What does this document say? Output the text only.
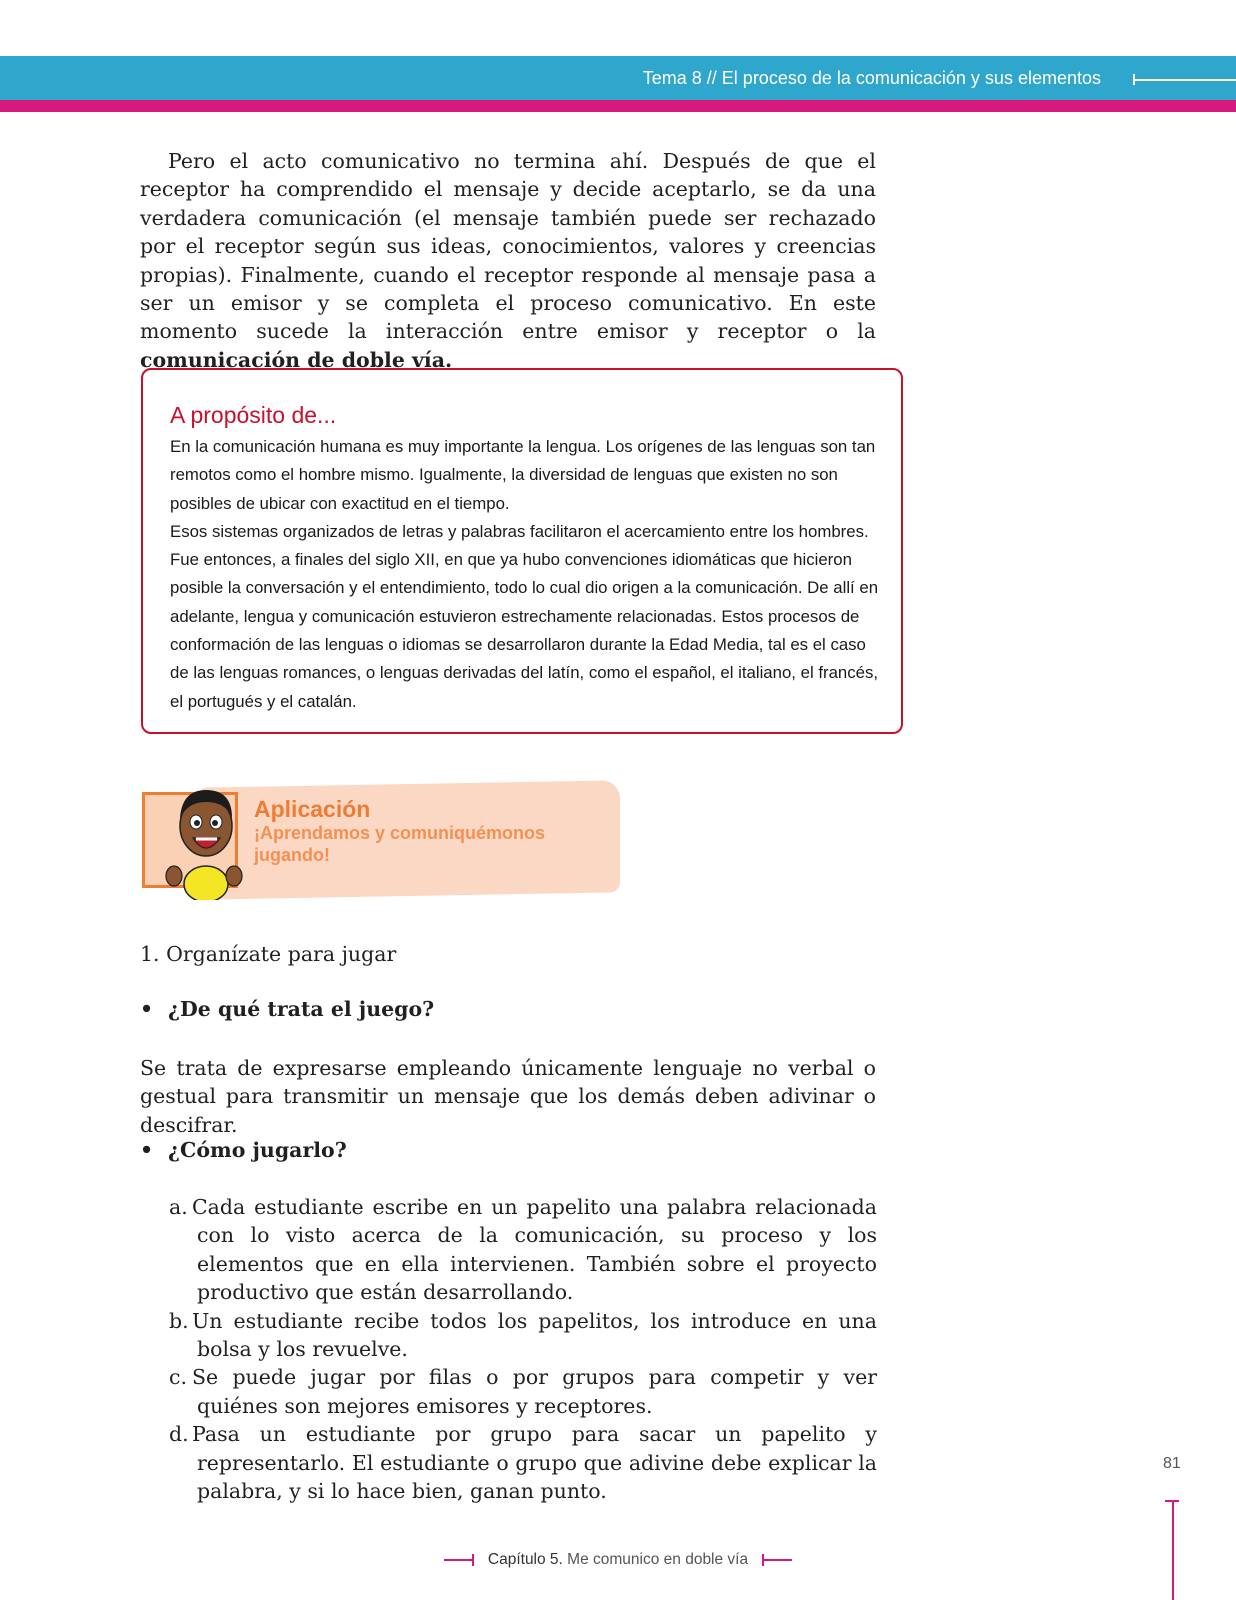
Tema 8 // El proceso de la comunicación y sus elementos
Pero el acto comunicativo no termina ahí. Después de que el receptor ha comprendido el mensaje y decide aceptarlo, se da una verdadera comunicación (el mensaje también puede ser rechazado por el receptor según sus ideas, conocimientos, valores y creencias propias). Finalmente, cuando el receptor responde al mensaje pasa a ser un emisor y se completa el proceso comunicativo. En este momento sucede la interacción entre emisor y receptor o la comunicación de doble vía.
A propósito de...

En la comunicación humana es muy importante la lengua. Los orígenes de las lenguas son tan remotos como el hombre mismo. Igualmente, la diversidad de lenguas que existen no son posibles de ubicar con exactitud en el tiempo.

Esos sistemas organizados de letras y palabras facilitaron el acercamiento entre los hombres. Fue entonces, a finales del siglo XII, en que ya hubo convenciones idiomáticas que hicieron posible la conversación y el entendimiento, todo lo cual dio origen a la comunicación. De allí en adelante, lengua y comunicación estuvieron estrechamente relacionadas. Estos procesos de conformación de las lenguas o idiomas se desarrollaron durante la Edad Media, tal es el caso de las lenguas romances, o lenguas derivadas del latín, como el español, el italiano, el francés, el portugués y el catalán.

Aplicación
¡Aprendamos y comuniquémonos jugando!
1. Organízate para jugar
• ¿De qué trata el juego?
Se trata de expresarse empleando únicamente lenguaje no verbal o gestual para transmitir un mensaje que los demás deben adivinar o descifrar.
• ¿Cómo jugarlo?
a. Cada estudiante escribe en un papelito una palabra relacionada con lo visto acerca de la comunicación, su proceso y los elementos que en ella intervienen. También sobre el proyecto productivo que están desarrollando.
b. Un estudiante recibe todos los papelitos, los introduce en una bolsa y los revuelve.
c. Se puede jugar por filas o por grupos para competir y ver quiénes son mejores emisores y receptores.
d. Pasa un estudiante por grupo para sacar un papelito y representarlo. El estudiante o grupo que adivine debe explicar la palabra, y si lo hace bien, ganan punto.
81
Capítulo 5. Me comunico en doble vía
